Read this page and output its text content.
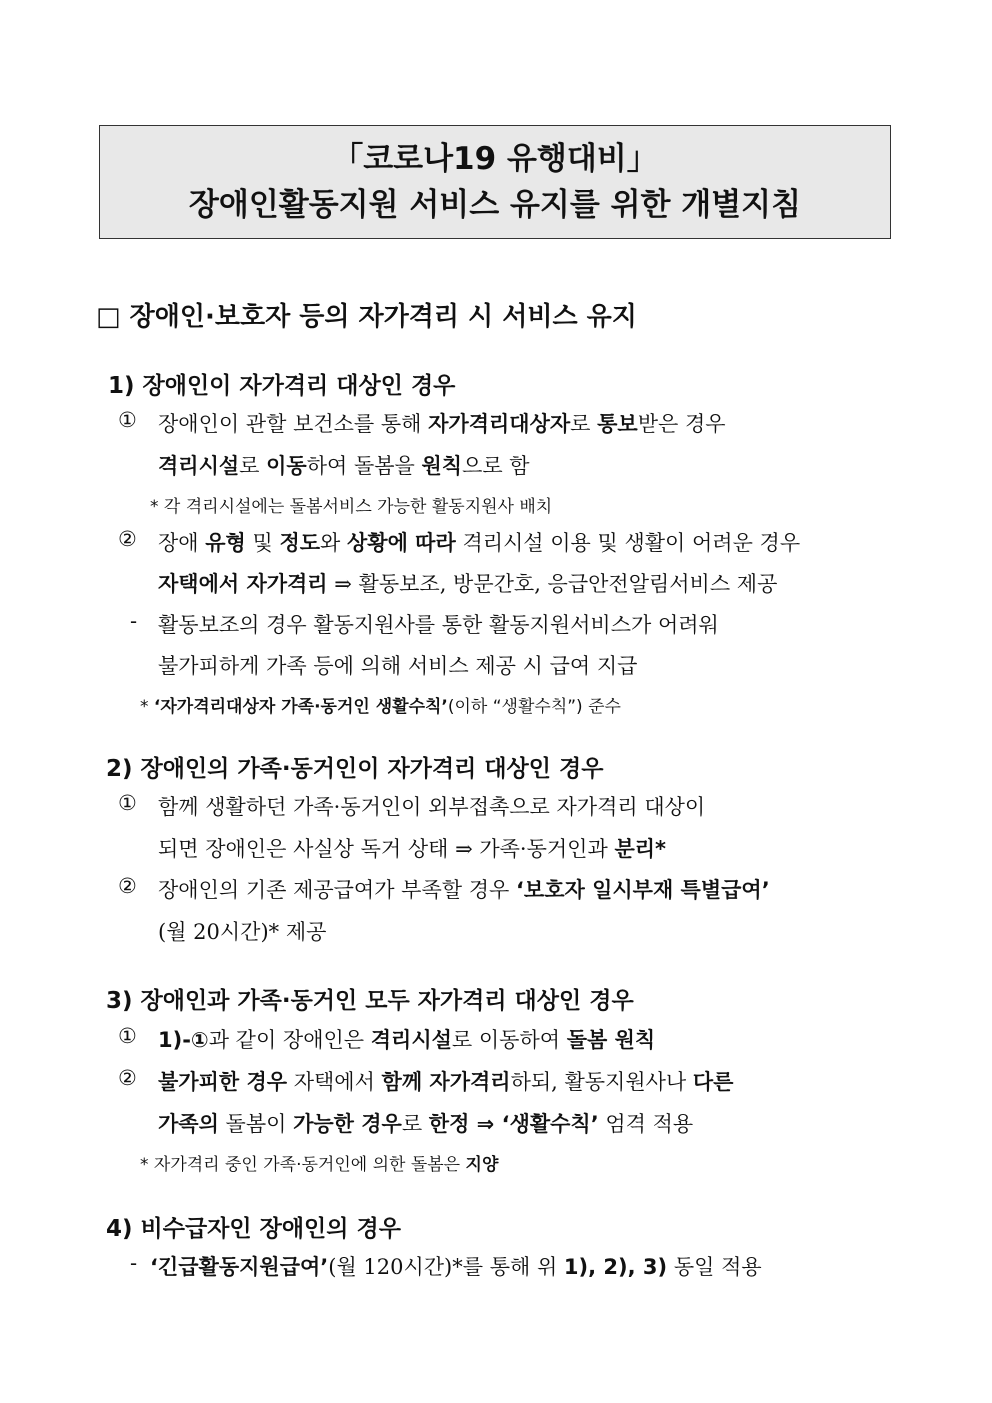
「코로나19 유행대비」
장애인활동지원 서비스 유지를 위한 개별지침
□ 장애인·보호자 등의 자가격리 시 서비스 유지
1) 장애인이 자가격리 대상인 경우
① 장애인이 관할 보건소를 통해 자가격리대상자로 통보받은 경우
격리시설로 이동하여 돌봄을 원칙으로 함
* 각 격리시설에는 돌봄서비스 가능한 활동지원사 배치
② 장애 유형 및 정도와 상황에 따라 격리시설 이용 및 생활이 어려운 경우
자택에서 자가격리 ⇒ 활동보조, 방문간호, 응급안전알림서비스 제공
- 활동보조의 경우 활동지원사를 통한 활동지원서비스가 어려워
불가피하게 가족 등에 의해 서비스 제공 시 급여 지급
* ‘자가격리대상자 가족·동거인 생활수칙’(이하 “생활수칙”) 준수
2) 장애인의 가족·동거인이 자가격리 대상인 경우
① 함께 생활하던 가족·동거인이 외부접촉으로 자가격리 대상이
되면 장애인은 사실상 독거 상태 ⇒ 가족·동거인과 분리*
② 장애인의 기존 제공급여가 부족할 경우 ‘보호자 일시부재 특별급여’
(월 20시간)* 제공
3) 장애인과 가족·동거인 모두 자가격리 대상인 경우
① 1)-①과 같이 장애인은 격리시설로 이동하여 돌봄 원칙
② 불가피한 경우 자택에서 함께 자가격리하되, 활동지원사나 다른
가족의 돌봄이 가능한 경우로 한정 ⇒ ‘생활수칙’ 엄격 적용
* 자가격리 중인 가족·동거인에 의한 돌봄은 지양
4) 비수급자인 장애인의 경우
- ‘긴급활동지원급여’(월 120시간)*를 통해 위 1), 2), 3) 동일 적용
